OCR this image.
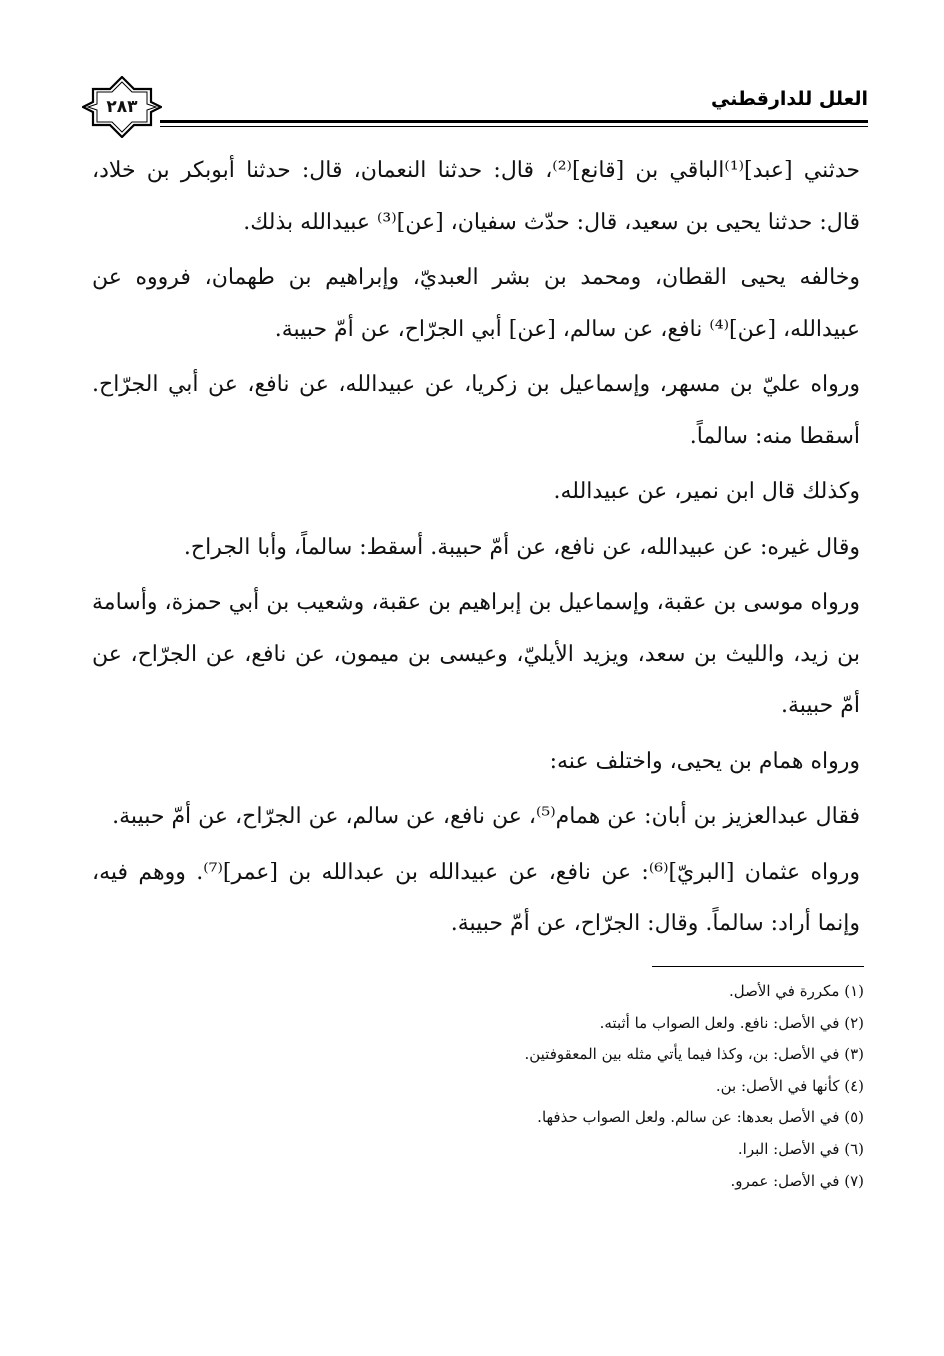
العلل للدارقطني
٢٨٣

حدثني [عبد]⁽¹⁾الباقي بن [قانع]⁽²⁾، قال: حدثنا النعمان، قال: حدثنا أبوبكر بن خلاد، قال: حدثنا يحيى بن سعيد، قال: حدّث سفيان، [عن]⁽³⁾ عبيدالله بذلك.

وخالفه يحيى القطان، ومحمد بن بشر العبديّ، وإبراهيم بن طهمان، فرووه عن عبيدالله، [عن]⁽⁴⁾ نافع، عن سالم، [عن] أبي الجرّاح، عن أمّ حبيبة.

ورواه عليّ بن مسهر، وإسماعيل بن زكريا، عن عبيدالله، عن نافع، عن أبي الجرّاح. أسقطا منه: سالماً.

وكذلك قال ابن نمير، عن عبيدالله.

وقال غيره: عن عبيدالله، عن نافع، عن أمّ حبيبة. أسقط: سالماً، وأبا الجراح.

ورواه موسى بن عقبة، وإسماعيل بن إبراهيم بن عقبة، وشعيب بن أبي حمزة، وأسامة بن زيد، والليث بن سعد، ويزيد الأيليّ، وعيسى بن ميمون، عن نافع، عن الجرّاح، عن أمّ حبيبة.

ورواه همام بن يحيى، واختلف عنه:

فقال عبدالعزيز بن أبان: عن همام⁽⁵⁾، عن نافع، عن سالم، عن الجرّاح، عن أمّ حبيبة.

ورواه عثمان [البريّ]⁽⁶⁾: عن نافع، عن عبيدالله بن عبدالله بن [عمر]⁽⁷⁾. ووهم فيه، وإنما أراد: سالماً. وقال: الجرّاح، عن أمّ حبيبة.

(١) مكررة في الأصل.

(٢) في الأصل: نافع. ولعل الصواب ما أثبته.

(٣) في الأصل: بن، وكذا فيما يأتي مثله بين المعقوفتين.

(٤) كأنها في الأصل: بن.

(٥) في الأصل بعدها: عن سالم. ولعل الصواب حذفها.

(٦) في الأصل: البرا.

(٧) في الأصل: عمرو.
